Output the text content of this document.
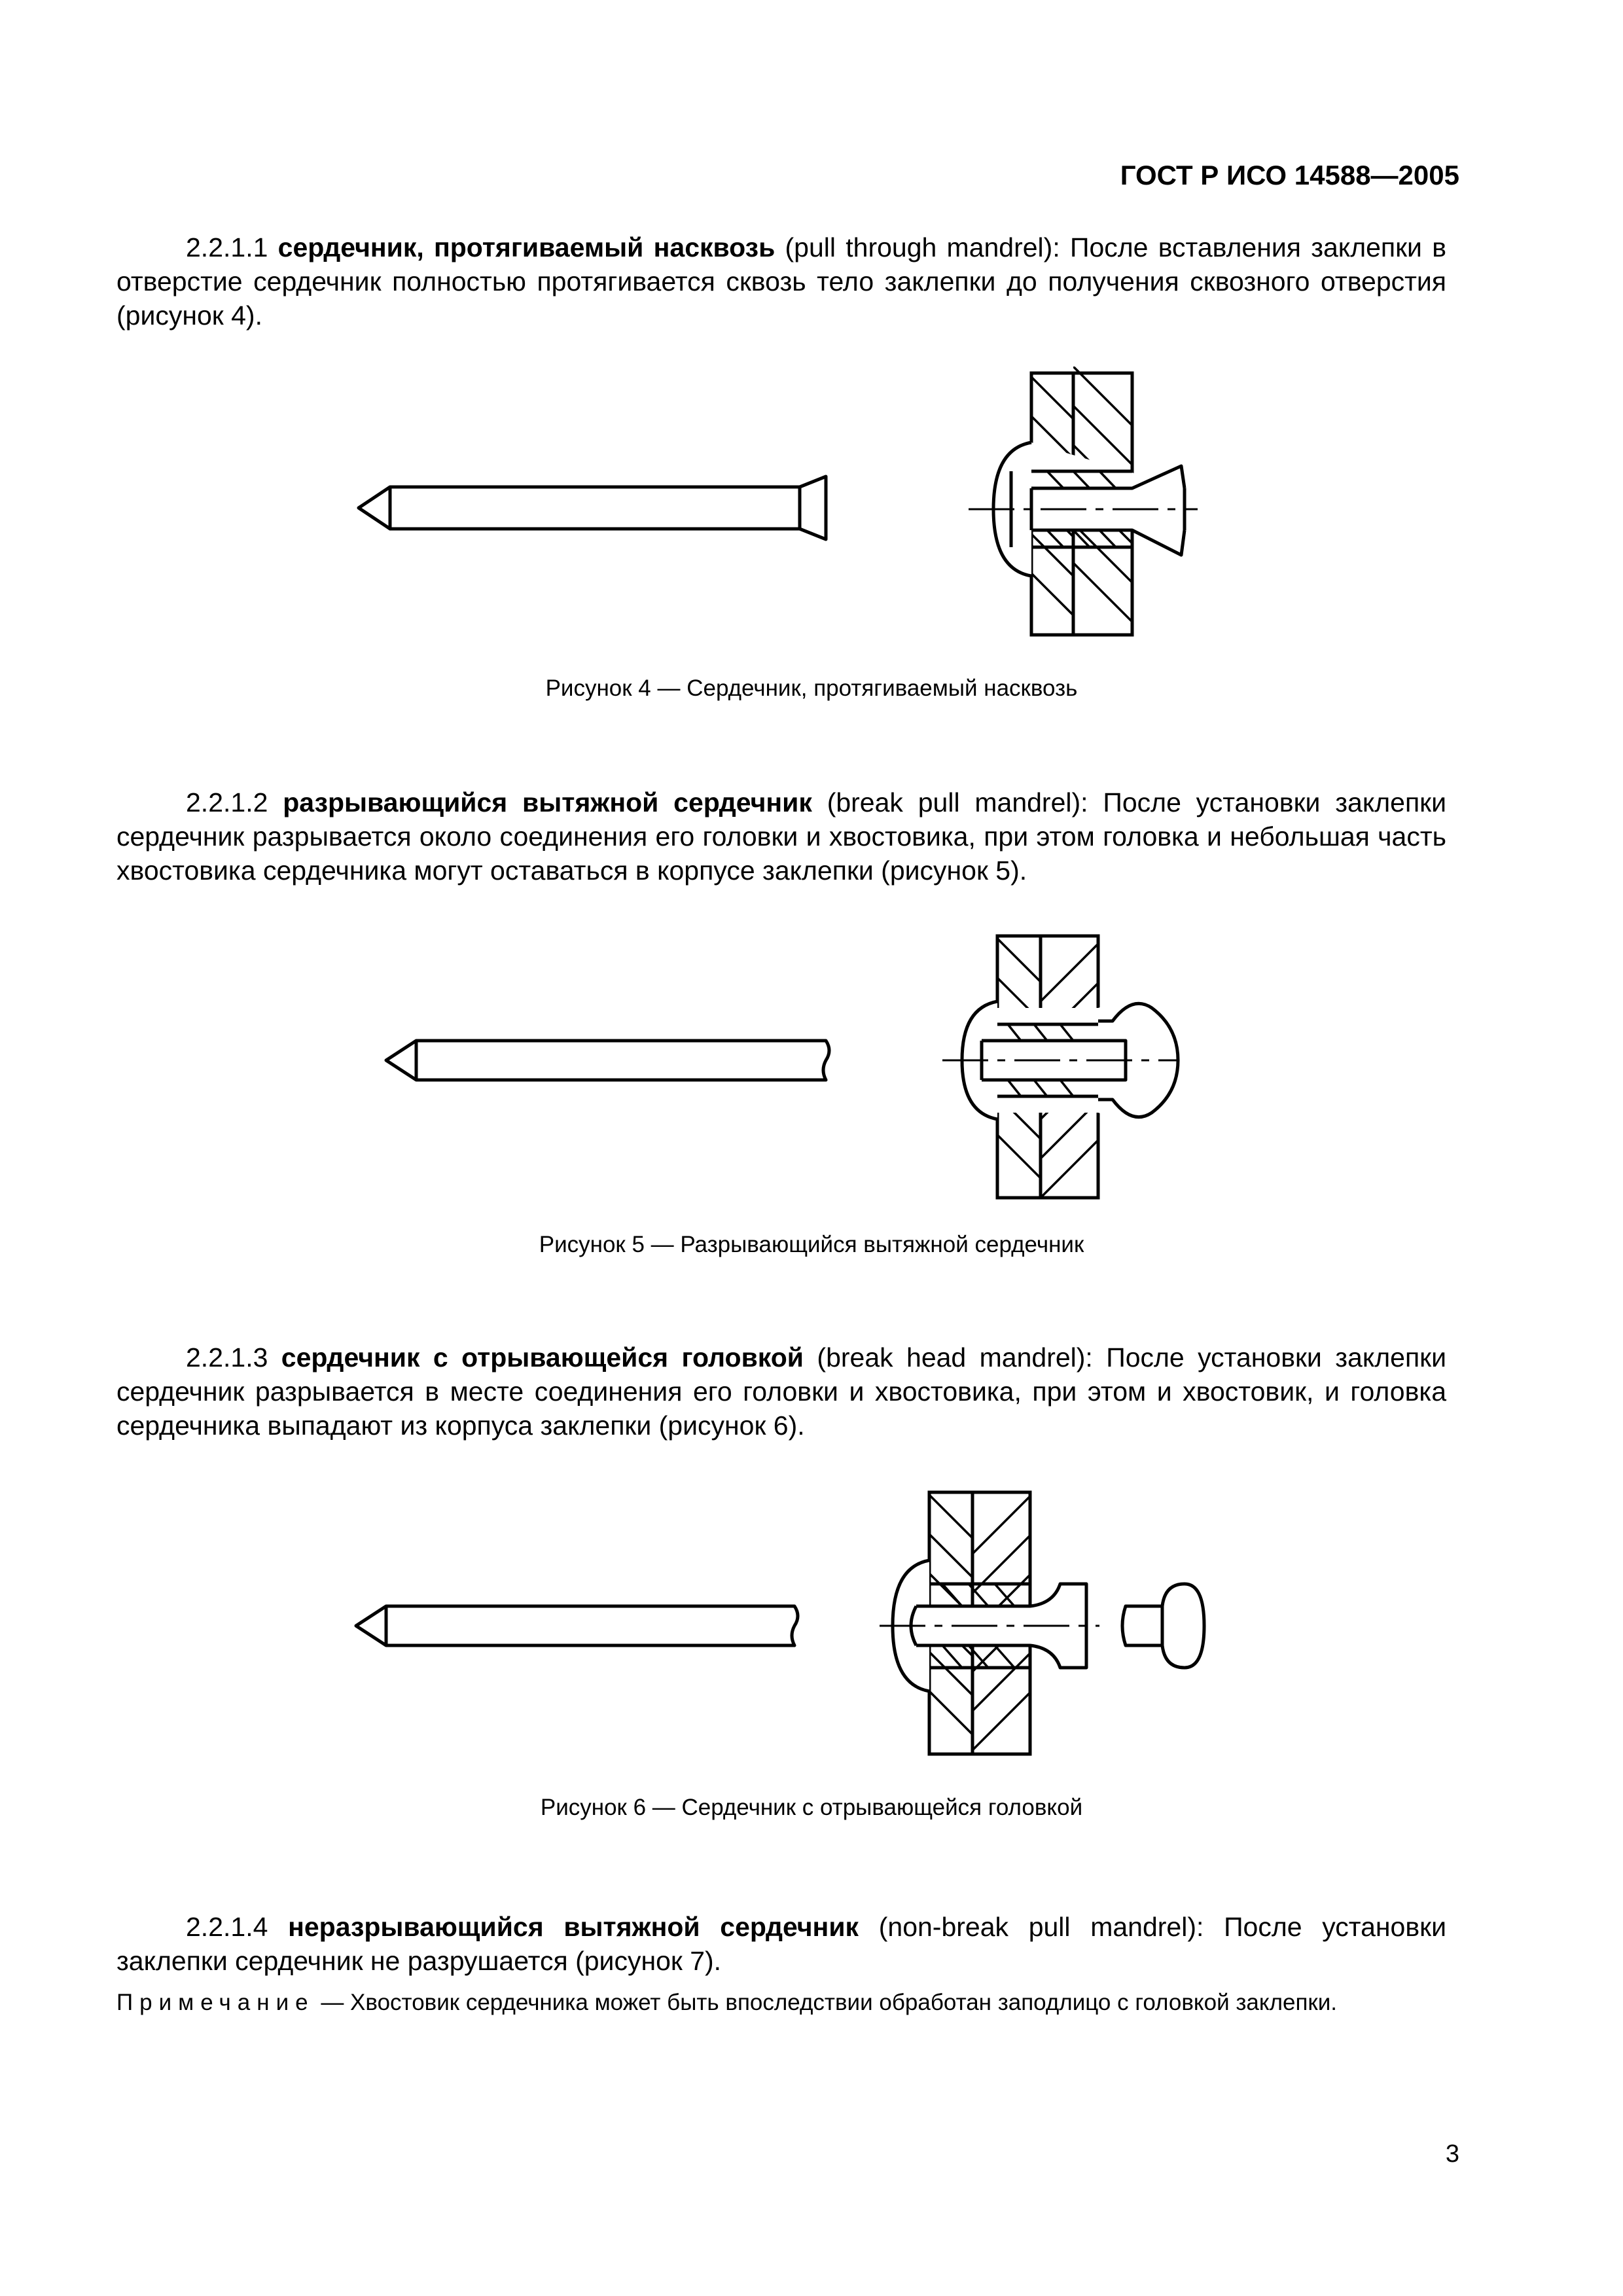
ГОСТ Р ИСО 14588—2005

2.2.1.1 сердечник, протягиваемый насквозь (pull through mandrel): После вставления заклепки в отверстие сердечник полностью протягивается сквозь тело заклепки до получения сквозного отверстия (рисунок 4).

Рисунок 4 — Сердечник, протягиваемый насквозь

2.2.1.2 разрывающийся вытяжной сердечник (break pull mandrel): После установки заклепки сердечник разрывается около соединения его головки и хвостовика, при этом головка и небольшая часть хвостовика сердечника могут оставаться в корпусе заклепки (рисунок 5).

Рисунок 5 — Разрывающийся вытяжной сердечник

2.2.1.3 сердечник с отрывающейся головкой (break head mandrel): После установки заклепки сердечник разрывается в месте соединения его головки и хвостовика, при этом и хвостовик, и головка сердечника выпадают из корпуса заклепки (рисунок 6).

Рисунок 6 — Сердечник с отрывающейся головкой

2.2.1.4 неразрывающийся вытяжной сердечник (non-break pull mandrel): После установки заклепки сердечник не разрушается (рисунок 7).

Примечание — Хвостовик сердечника может быть впоследствии обработан заподлицо с головкой заклепки.

3
